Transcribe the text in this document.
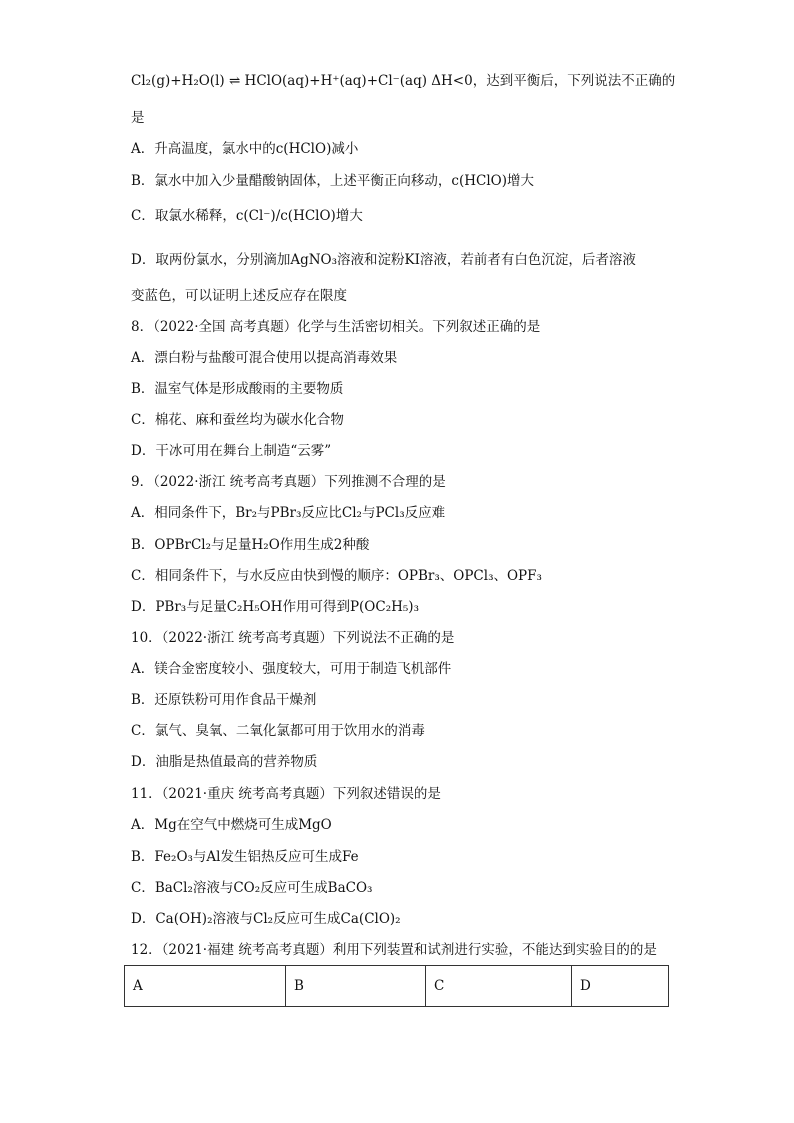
Cl₂(g)+H₂O(l) ⇌ HClO(aq)+H⁺(aq)+Cl⁻(aq) ΔH<0，达到平衡后，下列说法不正确的
是
A．升高温度，氯水中的c(HClO)减小
B．氯水中加入少量醋酸钠固体，上述平衡正向移动，c(HClO)增大
C．取氯水稀释，c(Cl⁻)/c(HClO)增大
D．取两份氯水，分别滴加AgNO₃溶液和淀粉KI溶液，若前者有白色沉淀，后者溶液
变蓝色，可以证明上述反应存在限度
8．（2022·全国 高考真题）化学与生活密切相关。下列叙述正确的是
A．漂白粉与盐酸可混合使用以提高消毒效果
B．温室气体是形成酸雨的主要物质
C．棉花、麻和蚕丝均为碳水化合物
D．干冰可用在舞台上制造“云雾”
9．（2022·浙江 统考高考真题）下列推测不合理的是
A．相同条件下，Br₂与PBr₃反应比Cl₂与PCl₃反应难
B．OPBrCl₂与足量H₂O作用生成2种酸
C．相同条件下，与水反应由快到慢的顺序：OPBr₃、OPCl₃、OPF₃
D．PBr₃与足量C₂H₅OH作用可得到P(OC₂H₅)₃
10．（2022·浙江 统考高考真题）下列说法不正确的是
A．镁合金密度较小、强度较大，可用于制造飞机部件
B．还原铁粉可用作食品干燥剂
C．氯气、臭氧、二氧化氯都可用于饮用水的消毒
D．油脂是热值最高的营养物质
11．（2021·重庆 统考高考真题）下列叙述错误的是
A．Mg在空气中燃烧可生成MgO
B．Fe₂O₃与Al发生铝热反应可生成Fe
C．BaCl₂溶液与CO₂反应可生成BaCO₃
D．Ca(OH)₂溶液与Cl₂反应可生成Ca(ClO)₂
12．（2021·福建 统考高考真题）利用下列装置和试剂进行实验，不能达到实验目的的是
A	B	C	D
